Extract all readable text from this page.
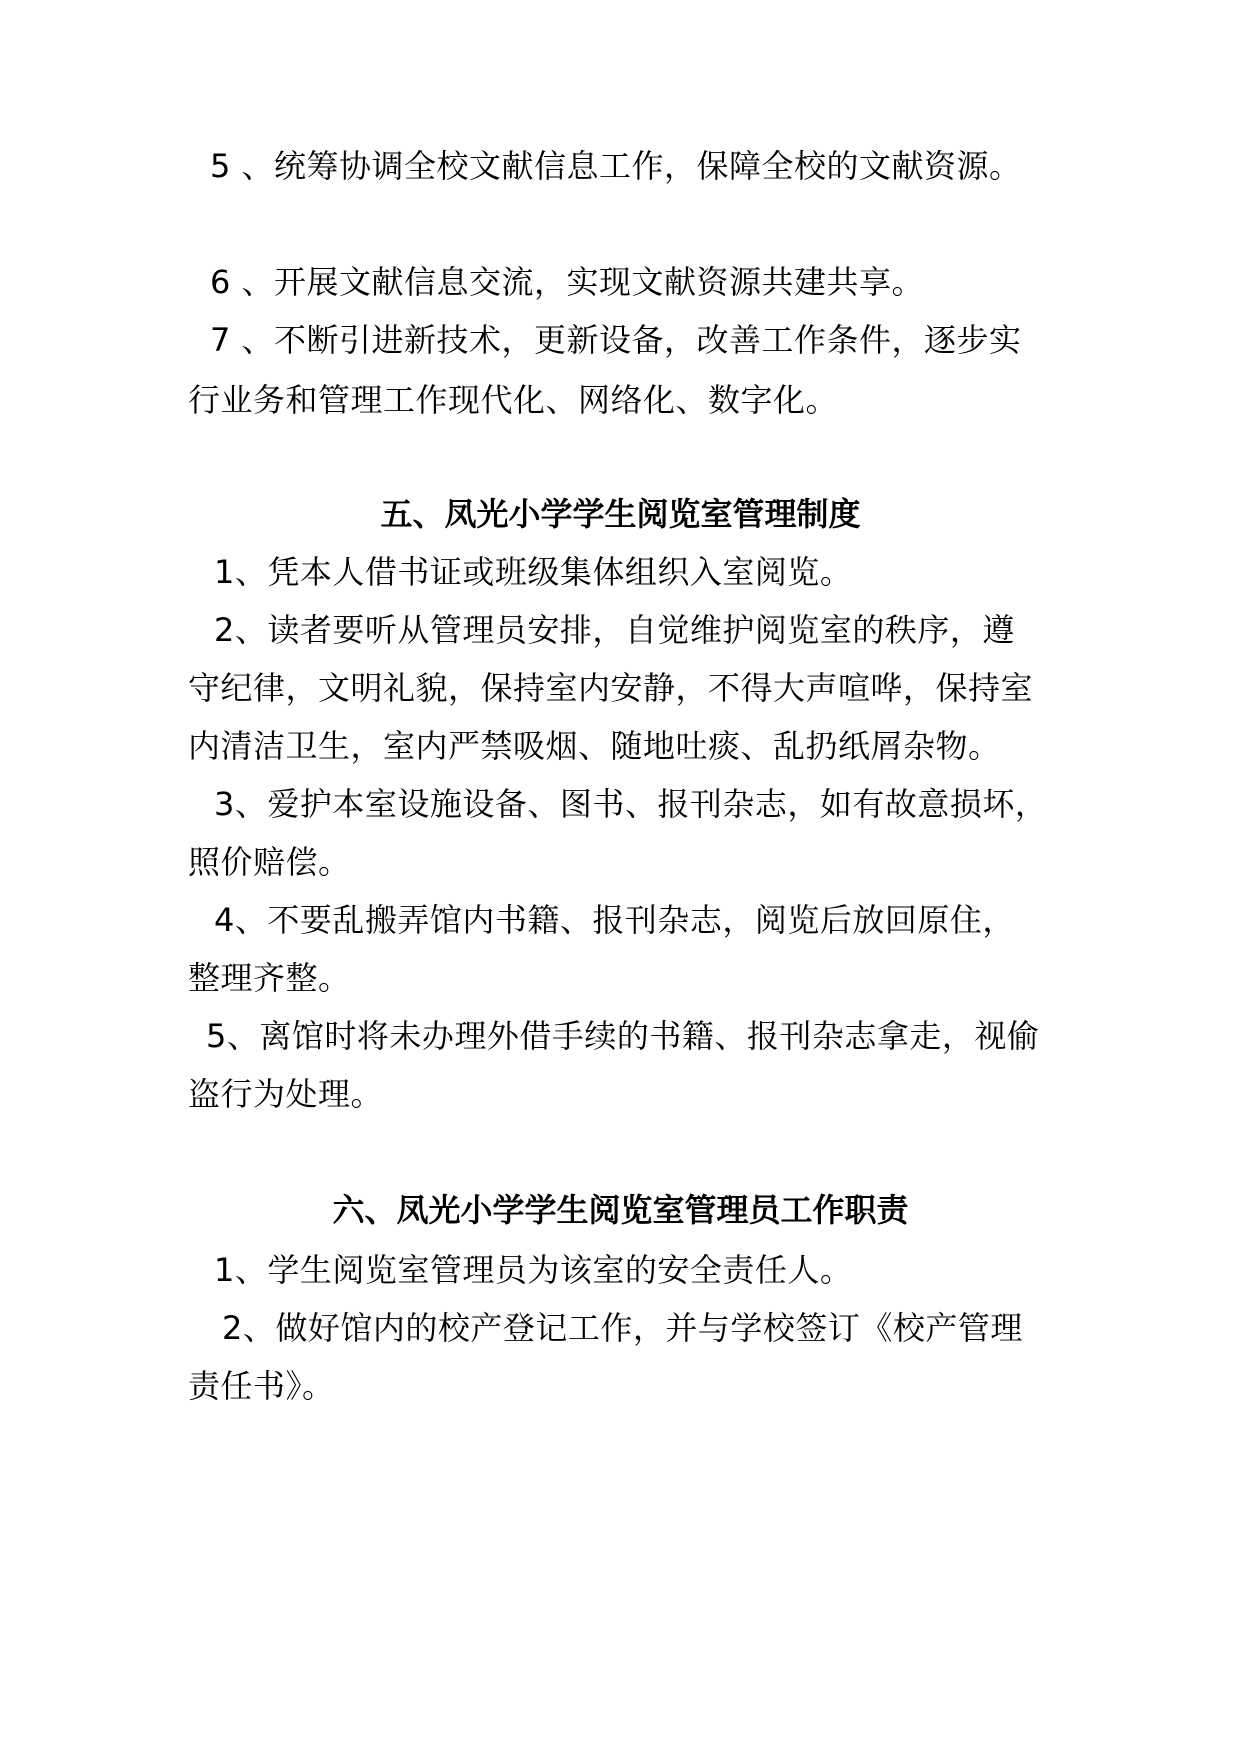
5 、统筹协调全校文献信息工作，保障全校的文献资源。
6 、开展文献信息交流，实现文献资源共建共享。
7 、不断引进新技术，更新设备，改善工作条件，逐步实
行业务和管理工作现代化、网络化、数字化。
五、凤光小学学生阅览室管理制度
1、凭本人借书证或班级集体组织入室阅览。
2、读者要听从管理员安排，自觉维护阅览室的秩序，遵
守纪律，文明礼貌，保持室内安静，不得大声喧哗，保持室
内清洁卫生，室内严禁吸烟、随地吐痰、乱扔纸屑杂物。
3、爱护本室设施设备、图书、报刊杂志，如有故意损坏，
照价赔偿。
4、不要乱搬弄馆内书籍、报刊杂志，阅览后放回原住，
整理齐整。
5、离馆时将未办理外借手续的书籍、报刊杂志拿走，视偷
盗行为处理。
六、凤光小学学生阅览室管理员工作职责
1、学生阅览室管理员为该室的安全责任人。
2、做好馆内的校产登记工作，并与学校签订《校产管理
责任书》。
